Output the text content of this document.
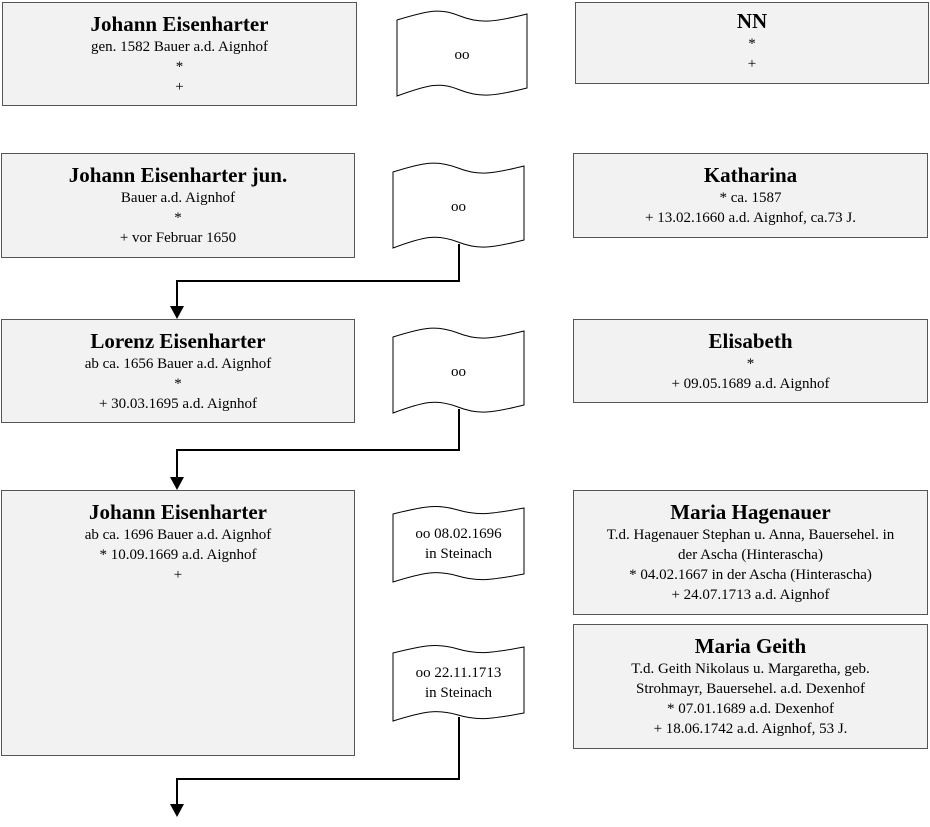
Johann Eisenharter
gen. 1582 Bauer a.d. Aignhof
*
+
NN
*
+
Johann Eisenharter jun.
Bauer a.d. Aignhof
*
+ vor Februar 1650
Katharina
* ca. 1587
+ 13.02.1660 a.d. Aignhof, ca.73 J.
Lorenz Eisenharter
ab ca. 1656 Bauer a.d. Aignhof
*
+ 30.03.1695 a.d. Aignhof
Elisabeth
*
+ 09.05.1689 a.d. Aignhof
Johann Eisenharter
ab ca. 1696 Bauer a.d. Aignhof
* 10.09.1669 a.d. Aignhof
+
Maria Hagenauer
T.d. Hagenauer Stephan u. Anna, Bauersehel. in
der Ascha (Hinterascha)
* 04.02.1667 in der Ascha (Hinterascha)
+ 24.07.1713 a.d. Aignhof
Maria Geith
T.d. Geith Nikolaus u. Margaretha, geb.
Strohmayr, Bauersehel. a.d. Dexenhof
* 07.01.1689 a.d. Dexenhof
+ 18.06.1742 a.d. Aignhof, 53 J.
oo
oo
oo
oo 08.02.1696
in Steinach
oo 22.11.1713
in Steinach
